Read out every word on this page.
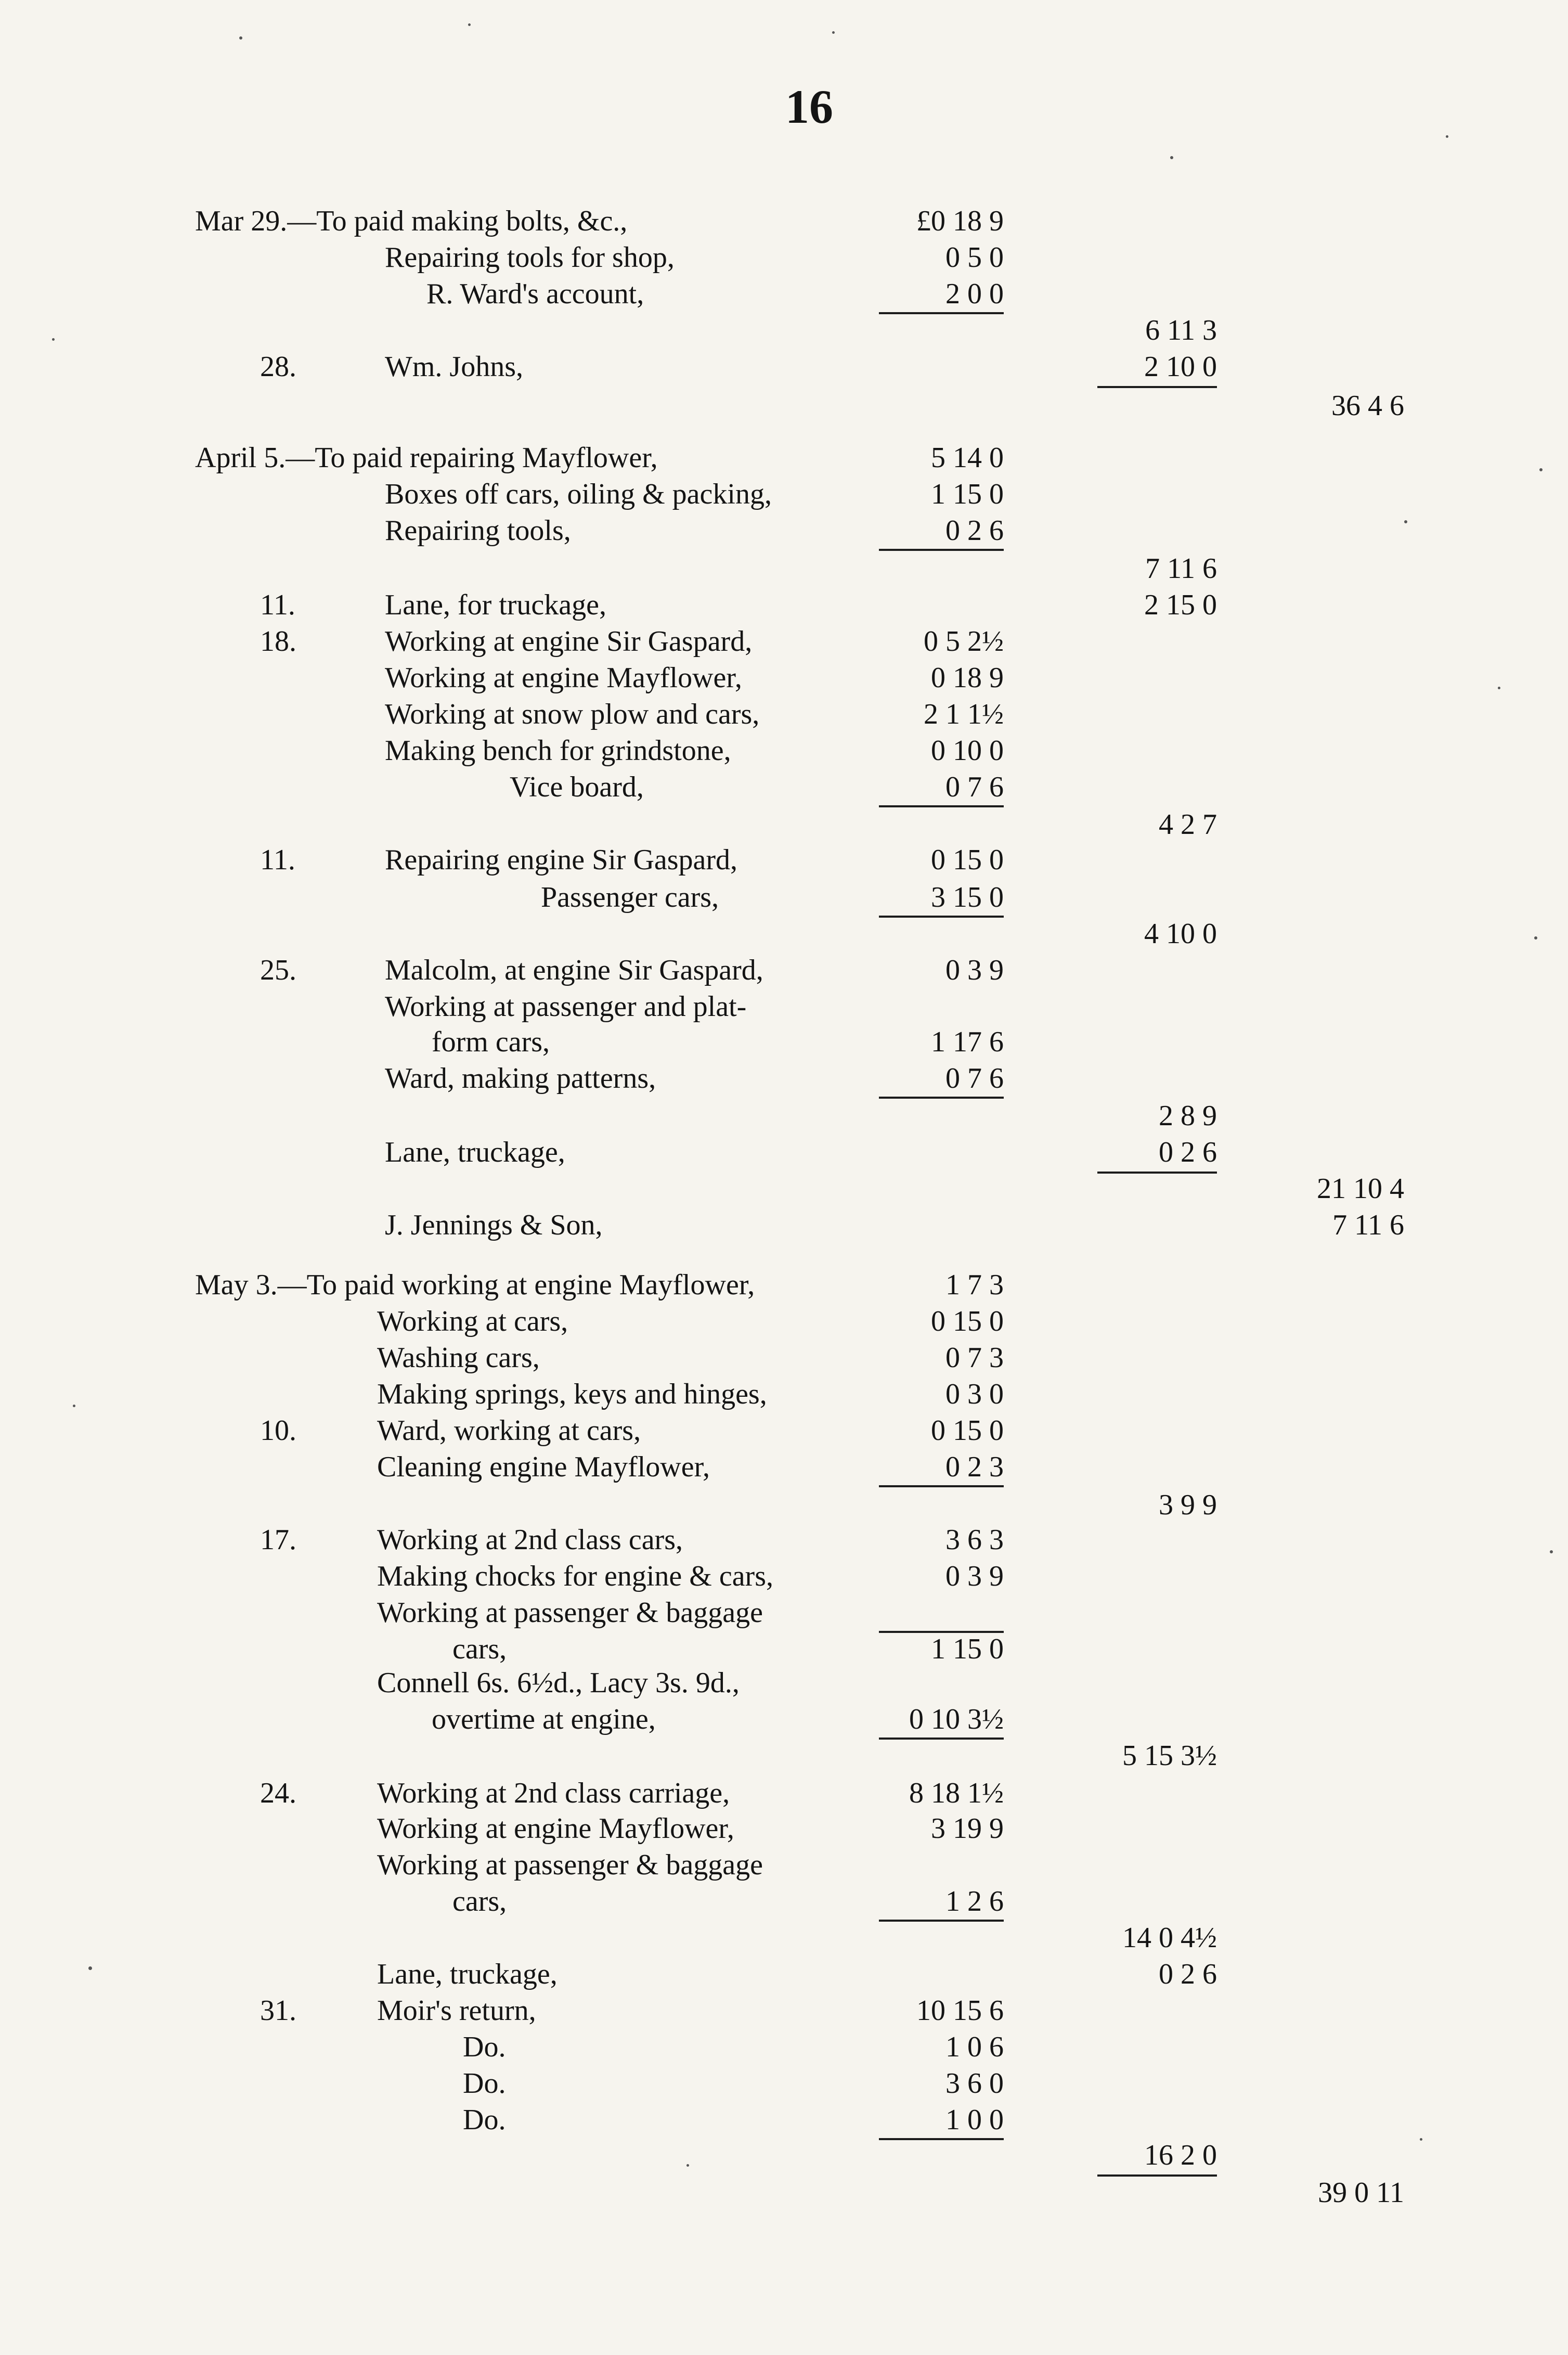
16
Mar 29.—To paid making bolts, &c.,	£0 18 9
Repairing tools for shop,	0 5 0
R. Ward's account,	2 0 0
6 11 3
28.	Wm. Johns,	2 10 0
36 4 6
April 5.—To paid repairing Mayflower,	5 14 0
Boxes off cars, oiling & packing,	1 15 0
Repairing tools,	0 2 6
7 11 6
11.	Lane, for truckage,	2 15 0
18.	Working at engine Sir Gaspard,	0 5 2½
Working at engine Mayflower,	0 18 9
Working at snow plow and cars,	2 1 1½
Making bench for grindstone,	0 10 0
Vice board,	0 7 6
4 2 7
11.	Repairing engine Sir Gaspard,	0 15 0
Passenger cars,	3 15 0
4 10 0
25.	Malcolm, at engine Sir Gaspard,	0 3 9
Working at passenger and plat-
form cars,	1 17 6
Ward, making patterns,	0 7 6
2 8 9
Lane, truckage,	0 2 6
21 10 4
J. Jennings & Son,	7 11 6
May 3.—To paid working at engine Mayflower,	1 7 3
Working at cars,	0 15 0
Washing cars,	0 7 3
Making springs, keys and hinges,	0 3 0
10.	Ward, working at cars,	0 15 0
Cleaning engine Mayflower,	0 2 3
3 9 9
17.	Working at 2nd class cars,	3 6 3
Making chocks for engine & cars,	0 3 9
Working at passenger & baggage
cars,	1 15 0
Connell 6s. 6½d., Lacy 3s. 9d.,
overtime at engine,	0 10 3½
5 15 3½
24.	Working at 2nd class carriage,	8 18 1½
Working at engine Mayflower,	3 19 9
Working at passenger & baggage
cars,	1 2 6
14 0 4½
Lane, truckage,	0 2 6
31.	Moir's return,	10 15 6
Do.	1 0 6
Do.	3 6 0
Do.	1 0 0
16 2 0
39 0 11
